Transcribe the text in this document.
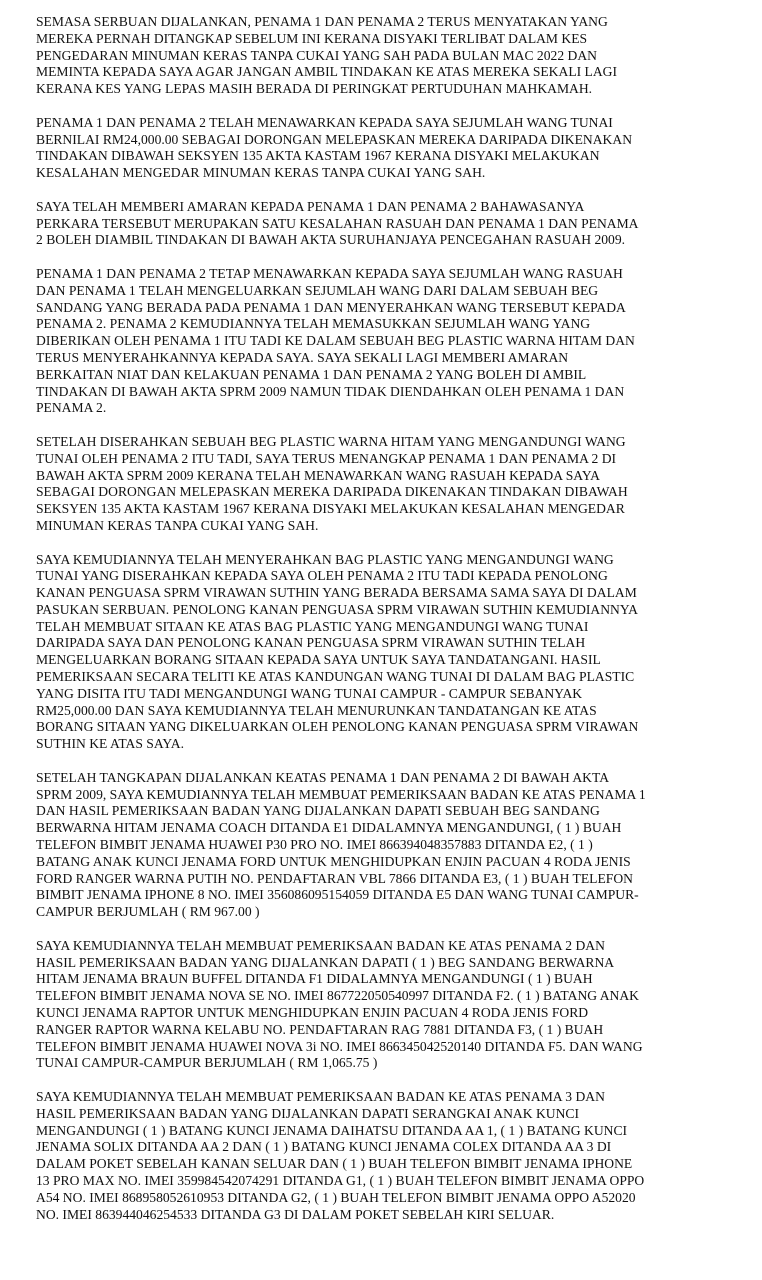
SEMASA SERBUAN DIJALANKAN, PENAMA 1 DAN PENAMA 2 TERUS MENYATAKAN YANG MEREKA PERNAH DITANGKAP SEBELUM INI KERANA DISYAKI TERLIBAT DALAM KES PENGEDARAN MINUMAN KERAS TANPA CUKAI YANG SAH PADA BULAN MAC 2022 DAN MEMINTA KEPADA SAYA AGAR JANGAN AMBIL TINDAKAN KE ATAS MEREKA SEKALI LAGI KERANA KES YANG LEPAS MASIH BERADA DI PERINGKAT PERTUDUHAN MAHKAMAH.

PENAMA 1 DAN PENAMA 2 TELAH MENAWARKAN KEPADA SAYA SEJUMLAH WANG TUNAI BERNILAI RM24,000.00 SEBAGAI DORONGAN MELEPASKAN MEREKA DARIPADA DIKENAKAN TINDAKAN DIBAWAH SEKSYEN 135 AKTA KASTAM 1967 KERANA DISYAKI MELAKUKAN KESALAHAN MENGEDAR MINUMAN KERAS TANPA CUKAI YANG SAH.

SAYA TELAH MEMBERI AMARAN KEPADA PENAMA 1 DAN PENAMA 2 BAHAWASANYA PERKARA TERSEBUT MERUPAKAN SATU KESALAHAN RASUAH DAN PENAMA 1 DAN PENAMA 2 BOLEH DIAMBIL TINDAKAN DI BAWAH AKTA SURUHANJAYA PENCEGAHAN RASUAH 2009.

PENAMA 1 DAN PENAMA 2 TETAP MENAWARKAN KEPADA SAYA SEJUMLAH WANG RASUAH DAN PENAMA 1 TELAH MENGELUARKAN SEJUMLAH WANG DARI DALAM SEBUAH BEG SANDANG YANG BERADA PADA PENAMA 1 DAN MENYERAHKAN WANG TERSEBUT KEPADA PENAMA 2. PENAMA 2 KEMUDIANNYA TELAH MEMASUKKAN SEJUMLAH WANG YANG DIBERIKAN OLEH PENAMA 1 ITU TADI KE DALAM SEBUAH BEG PLASTIC WARNA HITAM DAN TERUS MENYERAHKANNYA KEPADA SAYA. SAYA SEKALI LAGI MEMBERI AMARAN BERKAITAN NIAT DAN KELAKUAN PENAMA 1 DAN PENAMA 2 YANG BOLEH DI AMBIL TINDAKAN DI BAWAH AKTA SPRM 2009 NAMUN TIDAK DIENDAHKAN OLEH PENAMA 1 DAN PENAMA 2.

SETELAH DISERAHKAN SEBUAH BEG PLASTIC WARNA HITAM YANG MENGANDUNGI WANG TUNAI OLEH PENAMA 2 ITU TADI, SAYA TERUS MENANGKAP PENAMA 1 DAN PENAMA 2 DI BAWAH AKTA SPRM 2009 KERANA TELAH MENAWARKAN WANG RASUAH KEPADA SAYA SEBAGAI DORONGAN MELEPASKAN MEREKA DARIPADA DIKENAKAN TINDAKAN DIBAWAH SEKSYEN 135 AKTA KASTAM 1967 KERANA DISYAKI MELAKUKAN KESALAHAN MENGEDAR MINUMAN KERAS TANPA CUKAI YANG SAH.

SAYA KEMUDIANNYA TELAH MENYERAHKAN BAG PLASTIC YANG MENGANDUNGI WANG TUNAI YANG DISERAHKAN KEPADA SAYA OLEH PENAMA 2 ITU TADI KEPADA PENOLONG KANAN PENGUASA SPRM VIRAWAN SUTHIN YANG BERADA BERSAMA SAMA SAYA DI DALAM PASUKAN SERBUAN. PENOLONG KANAN PENGUASA SPRM VIRAWAN SUTHIN KEMUDIANNYA TELAH MEMBUAT SITAAN KE ATAS BAG PLASTIC YANG MENGANDUNGI WANG TUNAI DARIPADA SAYA DAN PENOLONG KANAN PENGUASA SPRM VIRAWAN SUTHIN TELAH MENGELUARKAN BORANG SITAAN KEPADA SAYA UNTUK SAYA TANDATANGANI. HASIL PEMERIKSAAN SECARA TELITI KE ATAS KANDUNGAN WANG TUNAI DI DALAM BAG PLASTIC YANG DISITA ITU TADI MENGANDUNGI WANG TUNAI CAMPUR - CAMPUR SEBANYAK RM25,000.00 DAN SAYA KEMUDIANNYA TELAH MENURUNKAN TANDATANGAN KE ATAS BORANG SITAAN YANG DIKELUARKAN OLEH PENOLONG KANAN PENGUASA SPRM VIRAWAN SUTHIN KE ATAS SAYA.

SETELAH TANGKAPAN DIJALANKAN KEATAS PENAMA 1 DAN PENAMA 2 DI BAWAH AKTA SPRM 2009, SAYA KEMUDIANNYA TELAH MEMBUAT PEMERIKSAAN BADAN KE ATAS PENAMA 1 DAN HASIL PEMERIKSAAN BADAN YANG DIJALANKAN DAPATI SEBUAH BEG SANDANG BERWARNA HITAM JENAMA COACH DITANDA E1 DIDALAMNYA MENGANDUNGI, ( 1 ) BUAH TELEFON BIMBIT JENAMA HUAWEI P30 PRO NO. IMEI 866394048357883 DITANDA E2, ( 1 ) BATANG ANAK KUNCI JENAMA FORD UNTUK MENGHIDUPKAN ENJIN PACUAN 4 RODA JENIS FORD RANGER WARNA PUTIH NO. PENDAFTARAN VBL 7866 DITANDA E3, ( 1 ) BUAH TELEFON BIMBIT JENAMA IPHONE 8 NO. IMEI 356086095154059 DITANDA E5 DAN WANG TUNAI CAMPUR-CAMPUR BERJUMLAH ( RM 967.00 )

SAYA KEMUDIANNYA TELAH MEMBUAT PEMERIKSAAN BADAN KE ATAS PENAMA 2 DAN HASIL PEMERIKSAAN BADAN YANG DIJALANKAN DAPATI ( 1 ) BEG SANDANG BERWARNA HITAM JENAMA BRAUN BUFFEL DITANDA F1 DIDALAMNYA MENGANDUNGI ( 1 ) BUAH TELEFON BIMBIT JENAMA NOVA SE NO. IMEI 867722050540997 DITANDA F2. ( 1 ) BATANG ANAK KUNCI JENAMA RAPTOR UNTUK MENGHIDUPKAN ENJIN PACUAN 4 RODA JENIS FORD RANGER RAPTOR WARNA KELABU NO. PENDAFTARAN RAG 7881 DITANDA F3, ( 1 ) BUAH TELEFON BIMBIT JENAMA HUAWEI NOVA 3i NO. IMEI 866345042520140 DITANDA F5. DAN WANG TUNAI CAMPUR-CAMPUR BERJUMLAH ( RM 1,065.75 )

SAYA KEMUDIANNYA TELAH MEMBUAT PEMERIKSAAN BADAN KE ATAS PENAMA 3 DAN HASIL PEMERIKSAAN BADAN YANG DIJALANKAN DAPATI SERANGKAI ANAK KUNCI MENGANDUNGI ( 1 ) BATANG KUNCI JENAMA DAIHATSU DITANDA AA 1, ( 1 ) BATANG KUNCI JENAMA SOLIX DITANDA AA 2 DAN ( 1 ) BATANG KUNCI JENAMA COLEX DITANDA AA 3 DI DALAM POKET SEBELAH KANAN SELUAR DAN ( 1 ) BUAH TELEFON BIMBIT JENAMA IPHONE 13 PRO MAX NO. IMEI 359984542074291 DITANDA G1, ( 1 ) BUAH TELEFON BIMBIT JENAMA OPPO A54 NO. IMEI 868958052610953 DITANDA G2, ( 1 ) BUAH TELEFON BIMBIT JENAMA OPPO A52020 NO. IMEI 863944046254533 DITANDA G3 DI DALAM POKET SEBELAH KIRI SELUAR.
